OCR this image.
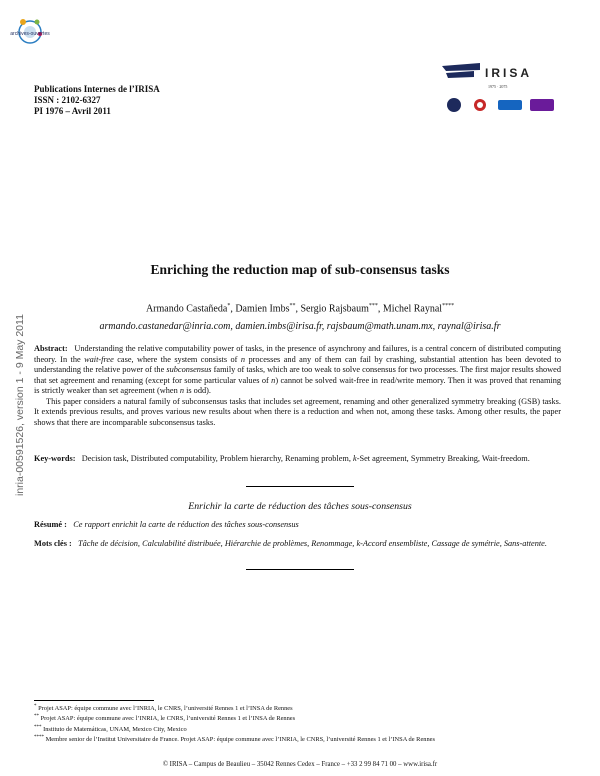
archives-ouvertes
inria-00591526, version 1 - 9 May 2011
Publications Internes de l’IRISA
ISSN : 2102-6327
PI 1976 – Avril 2011
IRISA
1975 · 2075
Enriching the reduction map of sub-consensus tasks
Armando Castañeda*, Damien Imbs**, Sergio Rajsbaum***, Michel Raynal****
armando.castanedar@inria.com, damien.imbs@irisa.fr, rajsbaum@math.unam.mx, raynal@irisa.fr

Abstract: Understanding the relative computability power of tasks, in the presence of asynchrony and failures, is a central concern of distributed computing theory. In the wait-free case, where the system consists of n processes and any of them can fail by crashing, substantial attention has been devoted to understanding the relative power of the subconsensus family of tasks, which are too weak to solve consensus for two processes. The first major results showed that set agreement and renaming (except for some particular values of n) cannot be solved wait-free in read/write memory. Then it was proved that renaming is strictly weaker than set agreement (when n is odd).

This paper considers a natural family of subconsensus tasks that includes set agreement, renaming and other generalized symmetry breaking (GSB) tasks. It extends previous results, and proves various new results about when there is a reduction and when not, among these tasks. Among other results, the paper shows that there are incomparable subconsensus tasks.

Key-words: Decision task, Distributed computability, Problem hierarchy, Renaming problem, k-Set agreement, Symmetry Breaking, Wait-freedom.
Enrichir la carte de réduction des tâches sous-consensus
Résumé : Ce rapport enrichit la carte de réduction des tâches sous-consensus
Mots clés : Tâche de décision, Calculabilité distribuée, Hiérarchie de problèmes, Renommage, k-Accord ensembliste, Cassage de symétrie, Sans-attente.
* Projet ASAP: équipe commune avec l’INRIA, le CNRS, l’université Rennes 1 et l’INSA de Rennes
** Projet ASAP: équipe commune avec l’INRIA, le CNRS, l’université Rennes 1 et l’INSA de Rennes
*** Instituto de Matemáticas, UNAM, Mexico City, Mexico
**** Membre senior de l’Institut Universitaire de France. Projet ASAP: équipe commune avec l’INRIA, le CNRS, l’université Rennes 1 et l’INSA de Rennes
© IRISA – Campus de Beaulieu – 35042 Rennes Cedex – France – +33 2 99 84 71 00 – www.irisa.fr
